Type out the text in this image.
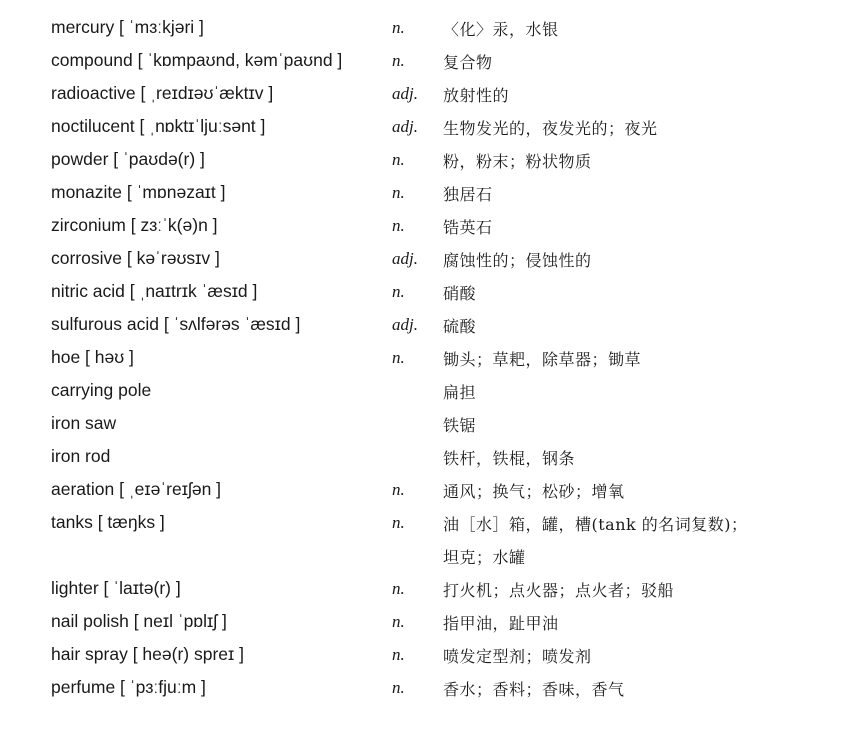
mercury [ ˈmɜːkjəri ]	n. 〈化〉汞，水银
compound [ ˈkɒmpaʊnd, kəmˈpaʊnd ]	n. 复合物
radioactive [ ˌreɪdɪəʊˈæktɪv ]	adj. 放射性的
noctilucent [ ˌnɒktɪˈljuːsənt ]	adj. 生物发光的，夜发光的；夜光
powder [ ˈpaʊdə(r) ]	n. 粉，粉末；粉状物质
monazite [ ˈmɒnəzaɪt ]	n. 独居石
zirconium [ zɜːˈk(ə)n ]	n. 锆英石
corrosive [ kəˈrəʊsɪv ]	adj. 腐蚀性的；侵蚀性的
nitric acid [ ˌnaɪtrɪk ˈæsɪd ]	n. 硝酸
sulfurous acid [ ˈsʌlfərəs ˈæsɪd ]	adj. 硫酸
hoe [ həʊ ]	n. 锄头；草耙，除草器；锄草
carrying pole	扁担
iron saw	铁锯
iron rod	铁杆，铁棍，钢条
aeration [ ˌeɪəˈreɪʃən ]	n. 通风；换气；松砂；增氧
tanks [ tæŋks ]	n. 油［水］箱，罐，槽(tank 的名词复数)；
坦克；水罐
lighter [ ˈlaɪtə(r) ]	n. 打火机；点火器；点火者；驳船
nail polish [ neɪl ˈpɒlɪʃ ]	n. 指甲油，趾甲油
hair spray [ heə(r) spreɪ ]	n. 喷发定型剂；喷发剂
perfume [ ˈpɜːfjuːm ]	n. 香水；香料；香味，香气
